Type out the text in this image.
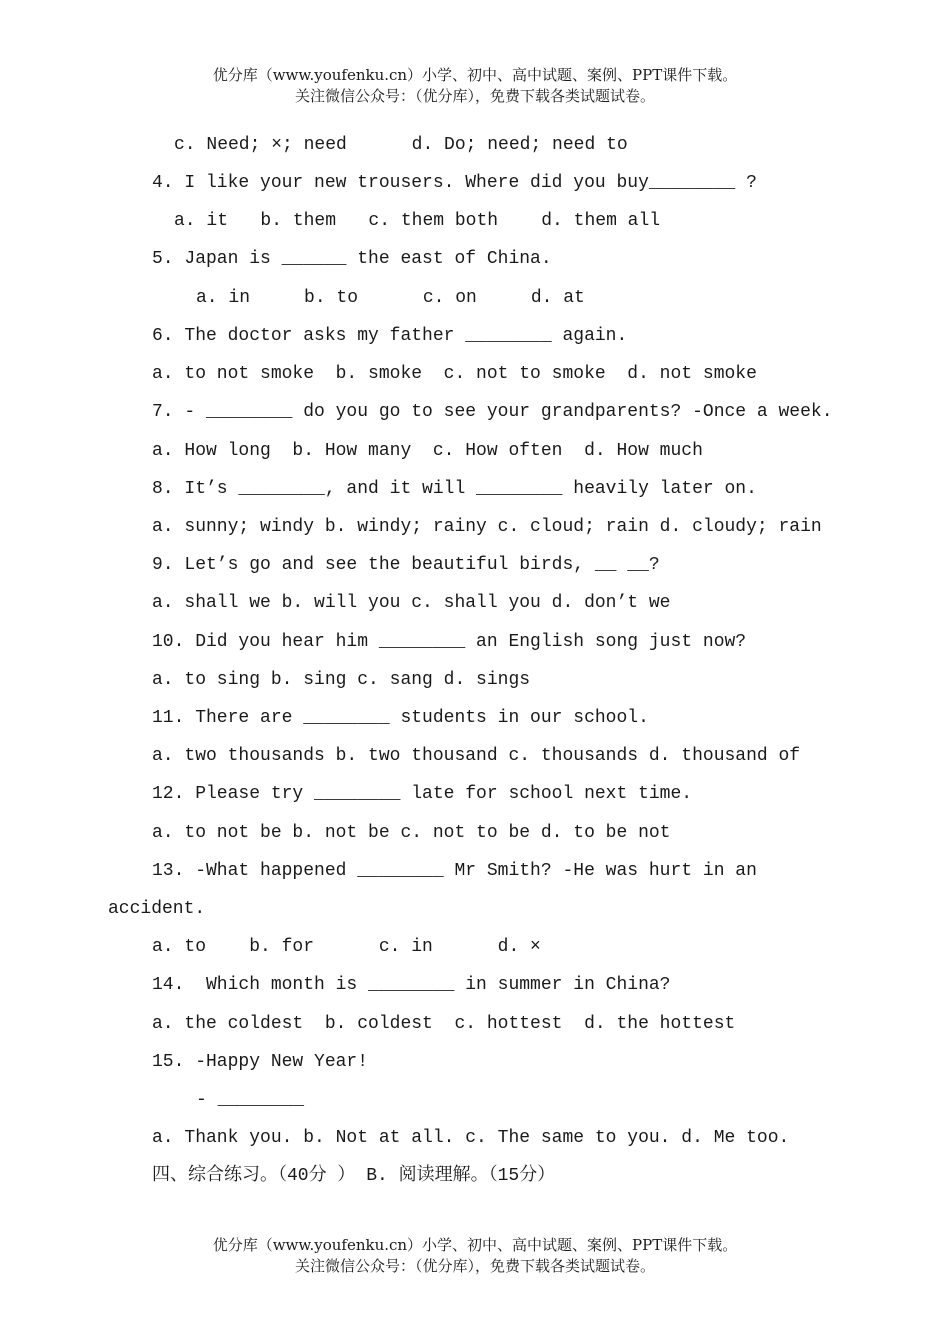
优分库（www.youfenku.cn）小学、初中、高中试题、案例、PPT课件下载。
关注微信公众号：（优分库），免费下载各类试题试卷。
c. Need; ×; need      d. Do; need; need to
4. I like your new trousers. Where did you buy________ ?
a. it   b. them   c. them both    d. them all
5. Japan is ______ the east of China.
a. in     b. to      c. on     d. at
6. The doctor asks my father ________ again.
a. to not smoke  b. smoke  c. not to smoke  d. not smoke
7. - ________ do you go to see your grandparents? -Once a week.
a. How long  b. How many  c. How often  d. How much
8. It’s ________, and it will ________ heavily later on.
a. sunny; windy b. windy; rainy c. cloud; rain d. cloudy; rain
9. Let’s go and see the beautiful birds, __ __?
a. shall we b. will you c. shall you d. don’t we
10. Did you hear him ________ an English song just now?
a. to sing b. sing c. sang d. sings
11. There are ________ students in our school.
a. two thousands b. two thousand c. thousands d. thousand of
12. Please try ________ late for school next time.
a. to not be b. not be c. not to be d. to be not
13. -What happened ________ Mr Smith? -He was hurt in an
accident.
a. to    b. for      c. in      d. ×
14.  Which month is ________ in summer in China?
a. the coldest  b. coldest  c. hottest  d. the hottest
15. -Happy New Year!
- ________
a. Thank you. b. Not at all. c. The same to you. d. Me too.
四、综合练习。（40分 ） B. 阅读理解。（15分）
优分库（www.youfenku.cn）小学、初中、高中试题、案例、PPT课件下载。
关注微信公众号：（优分库），免费下载各类试题试卷。
